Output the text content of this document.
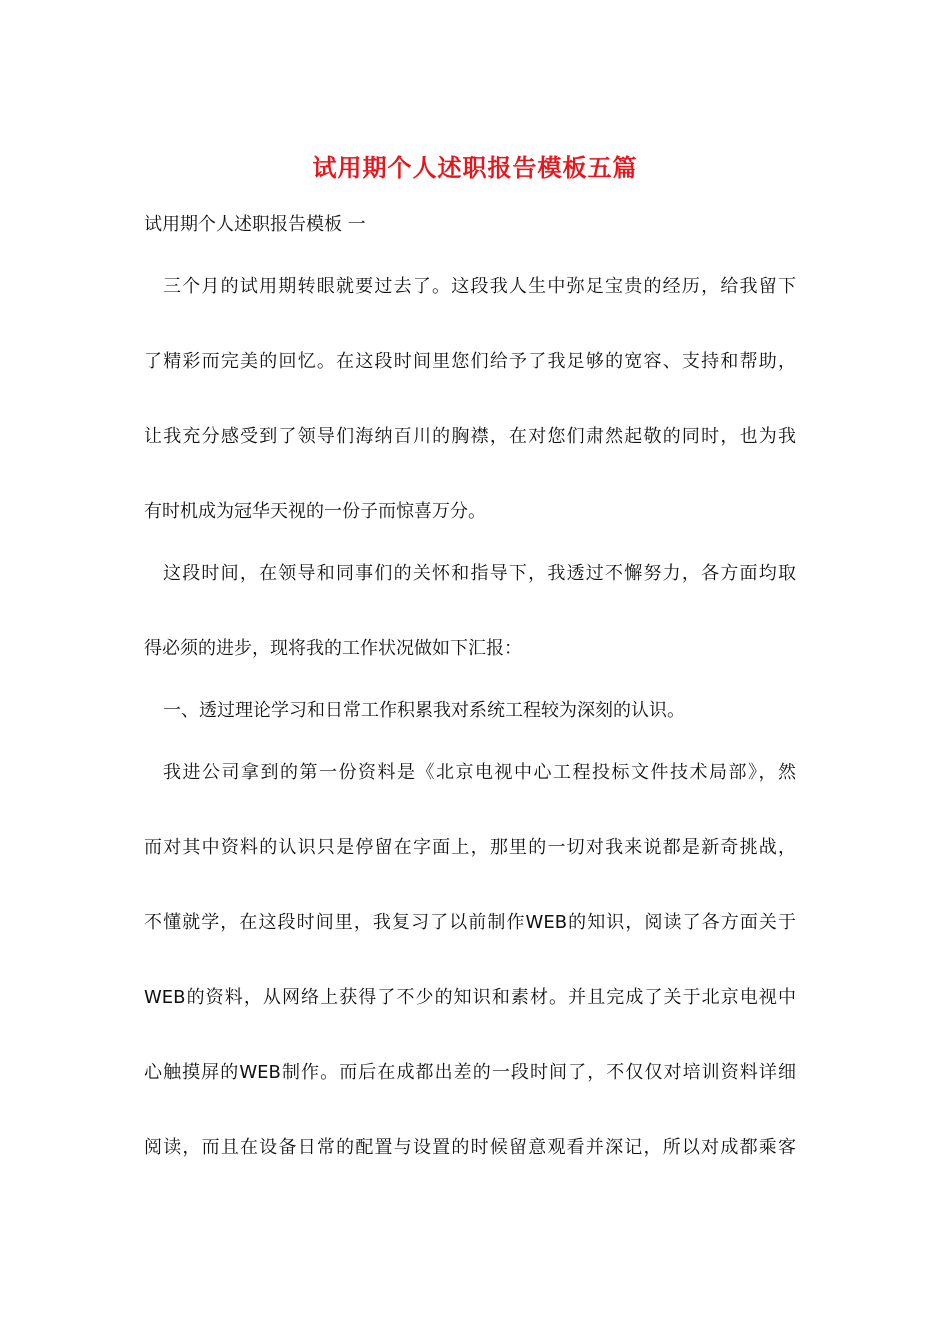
试用期个人述职报告模板五篇
试用期个人述职报告模板 一
三个月的试用期转眼就要过去了。这段我人生中弥足宝贵的经历，给我留下
了精彩而完美的回忆。在这段时间里您们给予了我足够的宽容、支持和帮助，
让我充分感受到了领导们海纳百川的胸襟，在对您们肃然起敬的同时，也为我
有时机成为冠华天视的一份子而惊喜万分。
这段时间，在领导和同事们的关怀和指导下，我透过不懈努力，各方面均取
得必须的进步，现将我的工作状况做如下汇报：
一、透过理论学习和日常工作积累我对系统工程较为深刻的认识。
我进公司拿到的第一份资料是《北京电视中心工程投标文件技术局部》，然
而对其中资料的认识只是停留在字面上，那里的一切对我来说都是新奇挑战，
不懂就学，在这段时间里，我复习了以前制作WEB的知识，阅读了各方面关于
WEB的资料，从网络上获得了不少的知识和素材。并且完成了关于北京电视中
心触摸屏的WEB制作。而后在成都出差的一段时间了，不仅仅对培训资料详细
阅读，而且在设备日常的配置与设置的时候留意观看并深记，所以对成都乘客
